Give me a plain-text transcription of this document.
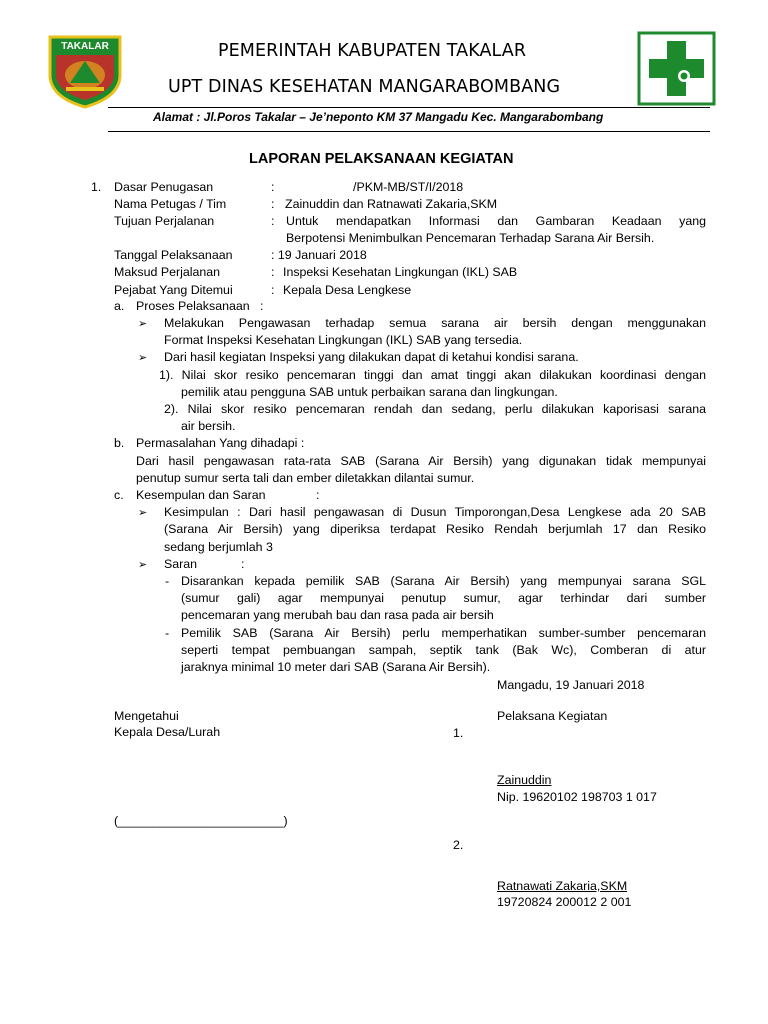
TAKALAR	PEMERINTAH KABUPATEN TAKALAR
UPT DINAS KESEHATAN MANGARABOMBANG
Alamat : Jl.Poros Takalar – Je’neponto KM 37 Mangadu Kec. Mangarabombang
LAPORAN PELAKSANAAN KEGIATAN
1. Dasar Penugasan	:	/PKM-MB/ST/I/2018
Nama Petugas / Tim	: Zainuddin dan Ratnawati Zakaria,SKM
Tujuan Perjalanan	: Untuk mendapatkan Informasi dan Gambaran Keadaan yang
Berpotensi Menimbulkan Pencemaran Terhadap Sarana Air Bersih.
Tanggal Pelaksanaan	: 19 Januari 2018
Maksud Perjalanan	: Inspeksi Kesehatan Lingkungan (IKL) SAB
Pejabat Yang Ditemui	: Kepala Desa Lengkese
a. Proses Pelaksanaan   :
➢ Melakukan Pengawasan terhadap semua sarana air bersih dengan menggunakan
Format Inspeksi Kesehatan Lingkungan (IKL) SAB yang tersedia.
➢ Dari hasil kegiatan Inspeksi yang dilakukan dapat di ketahui kondisi sarana.
1). Nilai skor resiko pencemaran tinggi dan amat tinggi akan dilakukan koordinasi dengan
pemilik atau pengguna SAB untuk perbaikan sarana dan lingkungan.
2). Nilai skor resiko pencemaran rendah dan sedang, perlu dilakukan kaporisasi sarana
air bersih.
b. Permasalahan Yang dihadapi :
Dari hasil pengawasan rata-rata SAB (Sarana Air Bersih) yang digunakan tidak mempunyai
penutup sumur serta tali dan ember diletakkan dilantai sumur.
c. Kesempulan dan Saran	:
➢ Kesimpulan : Dari hasil pengawasan di Dusun Timporongan,Desa Lengkese ada 20 SAB
(Sarana Air Bersih) yang diperiksa terdapat Resiko Rendah berjumlah 17 dan Resiko
sedang berjumlah 3
➢ Saran	:
- Disarankan kepada pemilik SAB (Sarana Air Bersih) yang mempunyai sarana SGL
(sumur gali) agar mempunyai penutup sumur, agar terhindar dari sumber
pencemaran yang merubah bau dan rasa pada air bersih
- Pemilik SAB (Sarana Air Bersih) perlu memperhatikan sumber-sumber pencemaran
seperti tempat pembuangan sampah, septik tank (Bak Wc), Comberan di atur
jaraknya minimal 10 meter dari SAB (Sarana Air Bersih).
Mangadu, 19 Januari 2018
Mengetahui
Kepala Desa/Lurah
Pelaksana Kegiatan
1.
Zainuddin
Nip. 19620102 198703 1 017
(________________________)
2.
Ratnawati Zakaria,SKM
19720824 200012 2 001
